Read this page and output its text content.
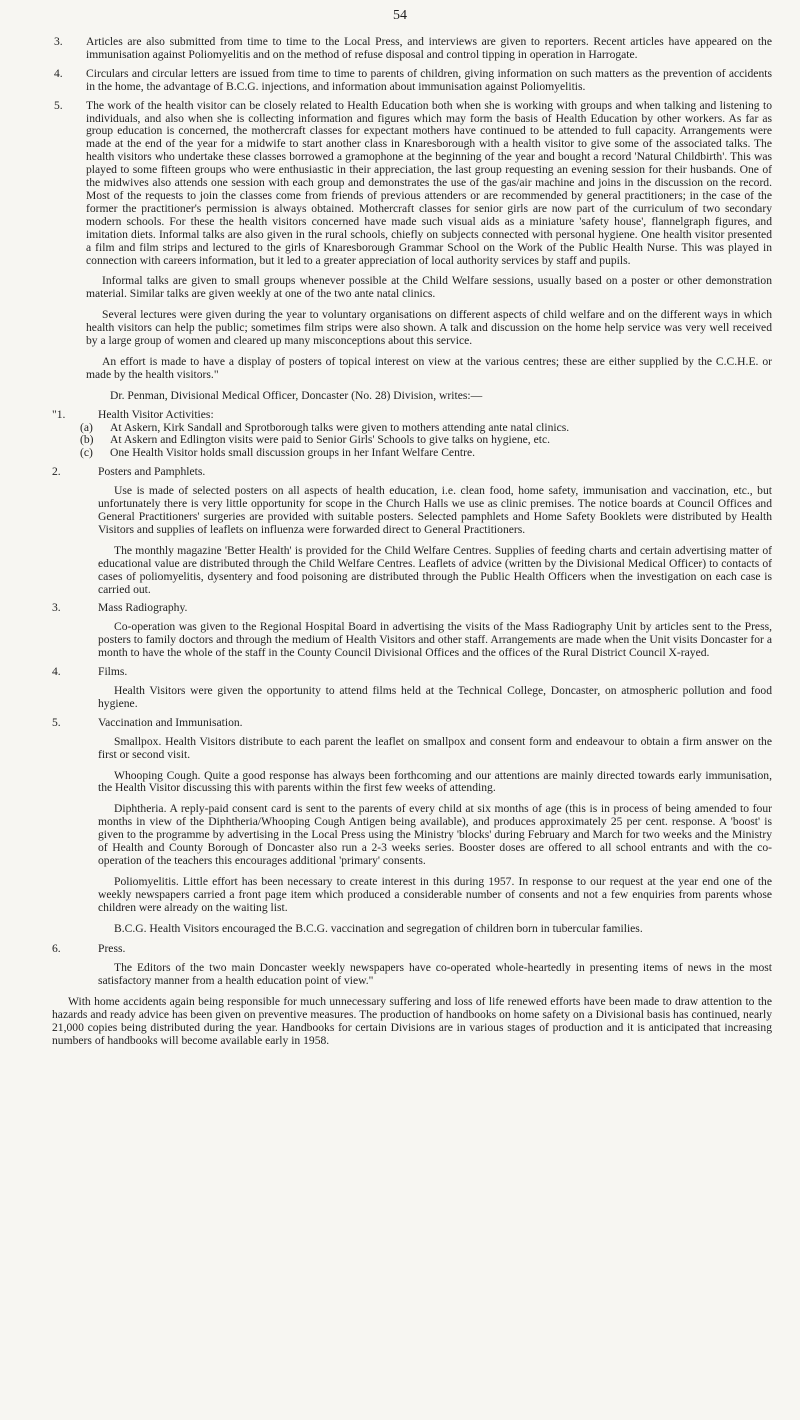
54
3. Articles are also submitted from time to time to the Local Press, and interviews are given to reporters. Recent articles have appeared on the immunisation against Poliomyelitis and on the method of refuse disposal and control tipping in operation in Harrogate.
4. Circulars and circular letters are issued from time to time to parents of children, giving information on such matters as the prevention of accidents in the home, the advantage of B.C.G. injections, and information about immunisation against Poliomyelitis.
5. The work of the health visitor can be closely related to Health Education both when she is working with groups and when talking and listening to individuals, and also when she is collecting information and figures which may form the basis of Health Education by other workers. As far as group education is concerned, the mothercraft classes for expectant mothers have continued to be attended to full capacity. Arrangements were made at the end of the year for a midwife to start another class in Knaresborough with a health visitor to give some of the associated talks. The health visitors who undertake these classes borrowed a gramophone at the beginning of the year and bought a record 'Natural Childbirth'. This was played to some fifteen groups who were enthusiastic in their appreciation, the last group requesting an evening session for their husbands. One of the midwives also attends one session with each group and demonstrates the use of the gas/air machine and joins in the discussion on the record. Most of the requests to join the classes come from friends of previous attenders or are recommended by general practitioners; in the case of the former the practitioner's permission is always obtained. Mothercraft classes for senior girls are now part of the curriculum of two secondary modern schools. For these the health visitors concerned have made such visual aids as a miniature 'safety house', flannelgraph figures, and imitation diets. Informal talks are also given in the rural schools, chiefly on subjects connected with personal hygiene. One health visitor presented a film and film strips and lectured to the girls of Knaresborough Grammar School on the Work of the Public Health Nurse. This was played in connection with careers information, but it led to a greater appreciation of local authority services by staff and pupils.
Informal talks are given to small groups whenever possible at the Child Welfare sessions, usually based on a poster or other demonstration material. Similar talks are given weekly at one of the two ante natal clinics.
Several lectures were given during the year to voluntary organisations on different aspects of child welfare and on the different ways in which health visitors can help the public; sometimes film strips were also shown. A talk and discussion on the home help service was very well received by a large group of women and cleared up many misconceptions about this service.
An effort is made to have a display of posters of topical interest on view at the various centres; these are either supplied by the C.C.H.E. or made by the health visitors."
Dr. Penman, Divisional Medical Officer, Doncaster (No. 28) Division, writes:—
"1.	Health Visitor Activities:
(a) At Askern, Kirk Sandall and Sprotborough talks were given to mothers attending ante natal clinics.
(b) At Askern and Edlington visits were paid to Senior Girls' Schools to give talks on hygiene, etc.
(c) One Health Visitor holds small discussion groups in her Infant Welfare Centre.
2.	Posters and Pamphlets.
Use is made of selected posters on all aspects of health education, i.e. clean food, home safety, immunisation and vaccination, etc., but unfortunately there is very little opportunity for scope in the Church Halls we use as clinic premises. The notice boards at Council Offices and General Practitioners' surgeries are provided with suitable posters. Selected pamphlets and Home Safety Booklets were distributed by Health Visitors and supplies of leaflets on influenza were forwarded direct to General Practitioners.
The monthly magazine 'Better Health' is provided for the Child Welfare Centres. Supplies of feeding charts and certain advertising matter of educational value are distributed through the Child Welfare Centres. Leaflets of advice (written by the Divisional Medical Officer) to contacts of cases of poliomyelitis, dysentery and food poisoning are distributed through the Public Health Officers when the investigation on each case is carried out.
3.	Mass Radiography.
Co-operation was given to the Regional Hospital Board in advertising the visits of the Mass Radiography Unit by articles sent to the Press, posters to family doctors and through the medium of Health Visitors and other staff. Arrangements are made when the Unit visits Doncaster for a month to have the whole of the staff in the County Council Divisional Offices and the offices of the Rural District Council X-rayed.
4.	Films.
Health Visitors were given the opportunity to attend films held at the Technical College, Doncaster, on atmospheric pollution and food hygiene.
5.	Vaccination and Immunisation.
Smallpox. Health Visitors distribute to each parent the leaflet on smallpox and consent form and endeavour to obtain a firm answer on the first or second visit.
Whooping Cough. Quite a good response has always been forthcoming and our attentions are mainly directed towards early immunisation, the Health Visitor discussing this with parents within the first few weeks of attending.
Diphtheria. A reply-paid consent card is sent to the parents of every child at six months of age (this is in process of being amended to four months in view of the Diphtheria/Whooping Cough Antigen being available), and produces approximately 25 per cent. response. A 'boost' is given to the programme by advertising in the Local Press using the Ministry 'blocks' during February and March for two weeks and the Ministry of Health and County Borough of Doncaster also run a 2-3 weeks series. Booster doses are offered to all school entrants and with the co-operation of the teachers this encourages additional 'primary' consents.
Poliomyelitis. Little effort has been necessary to create interest in this during 1957. In response to our request at the year end one of the weekly newspapers carried a front page item which produced a considerable number of consents and not a few enquiries from parents whose children were already on the waiting list.
B.C.G. Health Visitors encouraged the B.C.G. vaccination and segregation of children born in tubercular families.
6.	Press.
The Editors of the two main Doncaster weekly newspapers have co-operated whole-heartedly in presenting items of news in the most satisfactory manner from a health education point of view."
With home accidents again being responsible for much unnecessary suffering and loss of life renewed efforts have been made to draw attention to the hazards and ready advice has been given on preventive measures. The production of handbooks on home safety on a Divisional basis has continued, nearly 21,000 copies being distributed during the year. Handbooks for certain Divisions are in various stages of production and it is anticipated that increasing numbers of handbooks will become available early in 1958.
